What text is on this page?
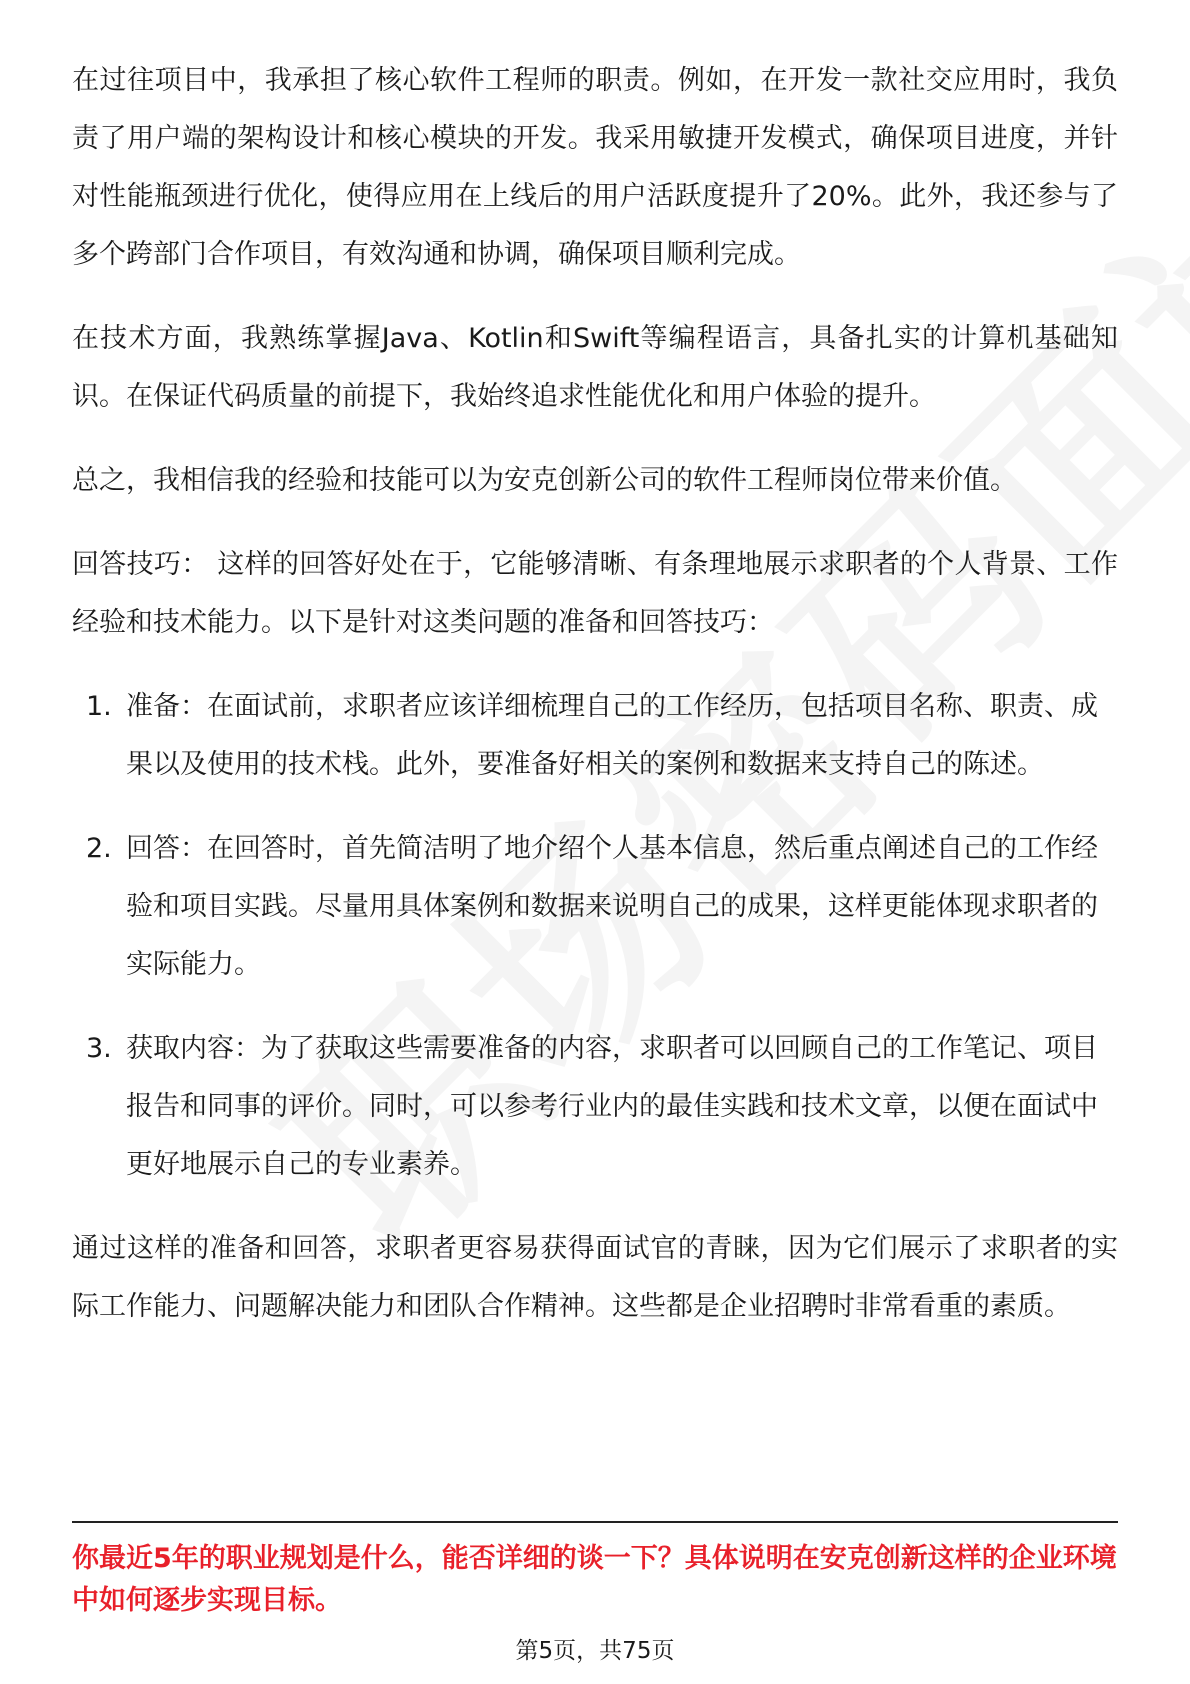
在过往项目中，我承担了核心软件工程师的职责。例如，在开发一款社交应用时，我负责了用户端的架构设计和核心模块的开发。我采用敏捷开发模式，确保项目进度，并针对性能瓶颈进行优化，使得应用在上线后的用户活跃度提升了20%。此外，我还参与了多个跨部门合作项目，有效沟通和协调，确保项目顺利完成。

在技术方面，我熟练掌握Java、Kotlin和Swift等编程语言，具备扎实的计算机基础知识。在保证代码质量的前提下，我始终追求性能优化和用户体验的提升。

总之，我相信我的经验和技能可以为安克创新公司的软件工程师岗位带来价值。

回答技巧： 这样的回答好处在于，它能够清晰、有条理地展示求职者的个人背景、工作经验和技术能力。以下是针对这类问题的准备和回答技巧：

1. 准备：在面试前，求职者应该详细梳理自己的工作经历，包括项目名称、职责、成果以及使用的技术栈。此外，要准备好相关的案例和数据来支持自己的陈述。
2. 回答：在回答时，首先简洁明了地介绍个人基本信息，然后重点阐述自己的工作经验和项目实践。尽量用具体案例和数据来说明自己的成果，这样更能体现求职者的实际能力。
3. 获取内容：为了获取这些需要准备的内容，求职者可以回顾自己的工作笔记、项目报告和同事的评价。同时，可以参考行业内的最佳实践和技术文章，以便在面试中更好地展示自己的专业素养。

通过这样的准备和回答，求职者更容易获得面试官的青睐，因为它们展示了求职者的实际工作能力、问题解决能力和团队合作精神。这些都是企业招聘时非常看重的素质。

你最近5年的职业规划是什么，能否详细的谈一下？具体说明在安克创新这样的企业环境中如何逐步实现目标。
第5页，共75页
